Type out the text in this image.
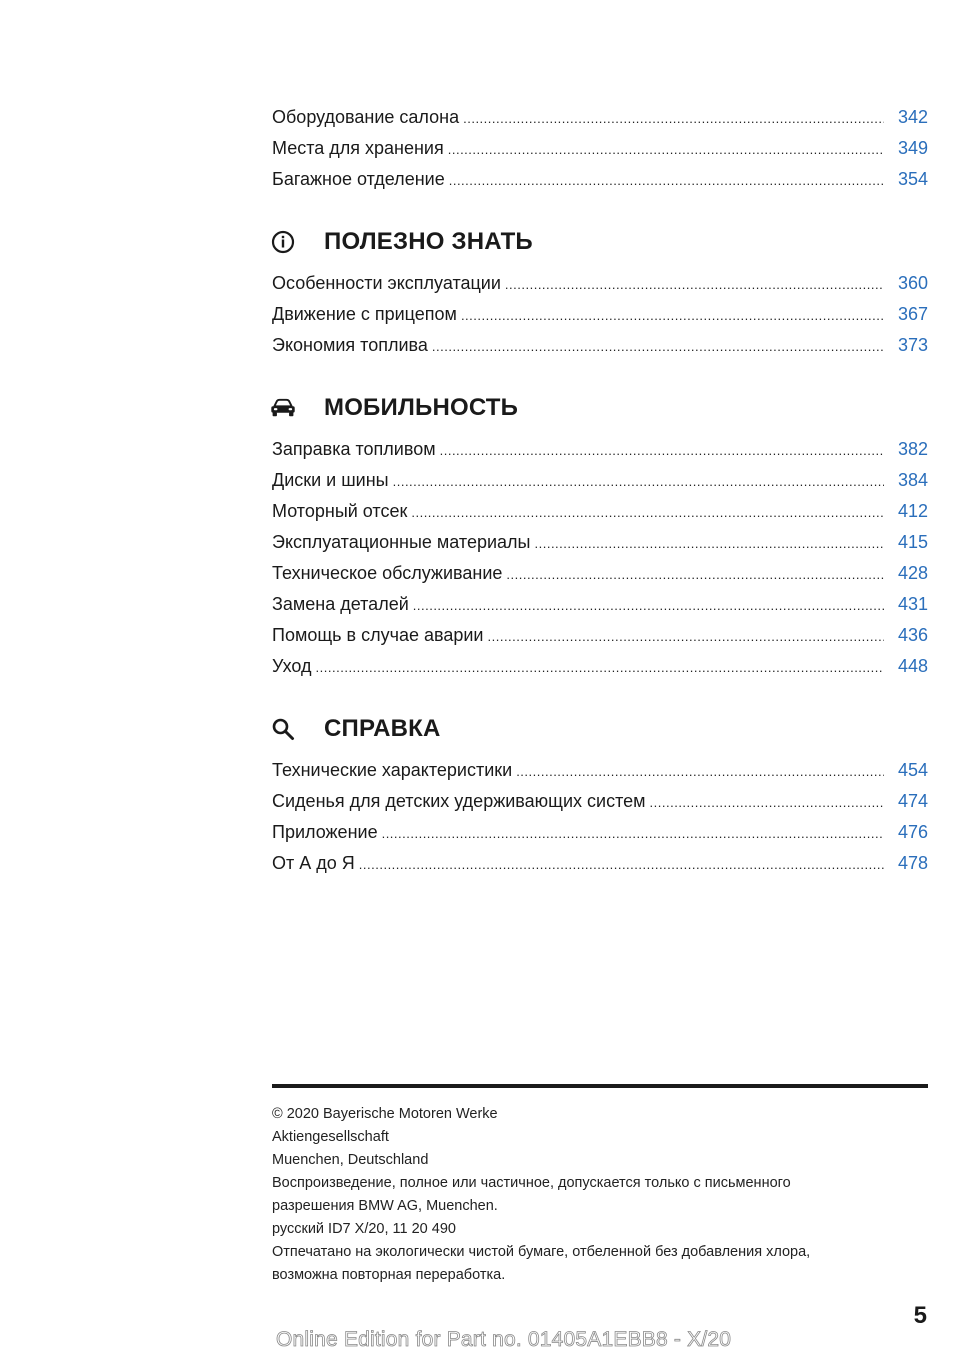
Оборудование салона .....	342
Места для хранения .....	349
Багажное отделение .....	354
ПОЛЕЗНО ЗНАТЬ
Особенности эксплуатации .....	360
Движение с прицепом .....	367
Экономия топлива .....	373
МОБИЛЬНОСТЬ
Заправка топливом .....	382
Диски и шины .....	384
Моторный отсек .....	412
Эксплуатационные материалы .....	415
Техническое обслуживание .....	428
Замена деталей .....	431
Помощь в случае аварии .....	436
Уход .....	448
СПРАВКА
Технические характеристики .....	454
Сиденья для детских удерживающих систем .....	474
Приложение .....	476
От А до Я .....	478
© 2020 Bayerische Motoren Werke
Aktiengesellschaft
Muenchen, Deutschland
Воспроизведение, полное или частичное, допускается только с письменного
разрешения BMW AG, Muenchen.
русский ID7 X/20, 11 20 490
Отпечатано на экологически чистой бумаге, отбеленной без добавления хлора,
возможна повторная переработка.
5
Online Edition for Part no. 01405A1EBB8 - X/20
